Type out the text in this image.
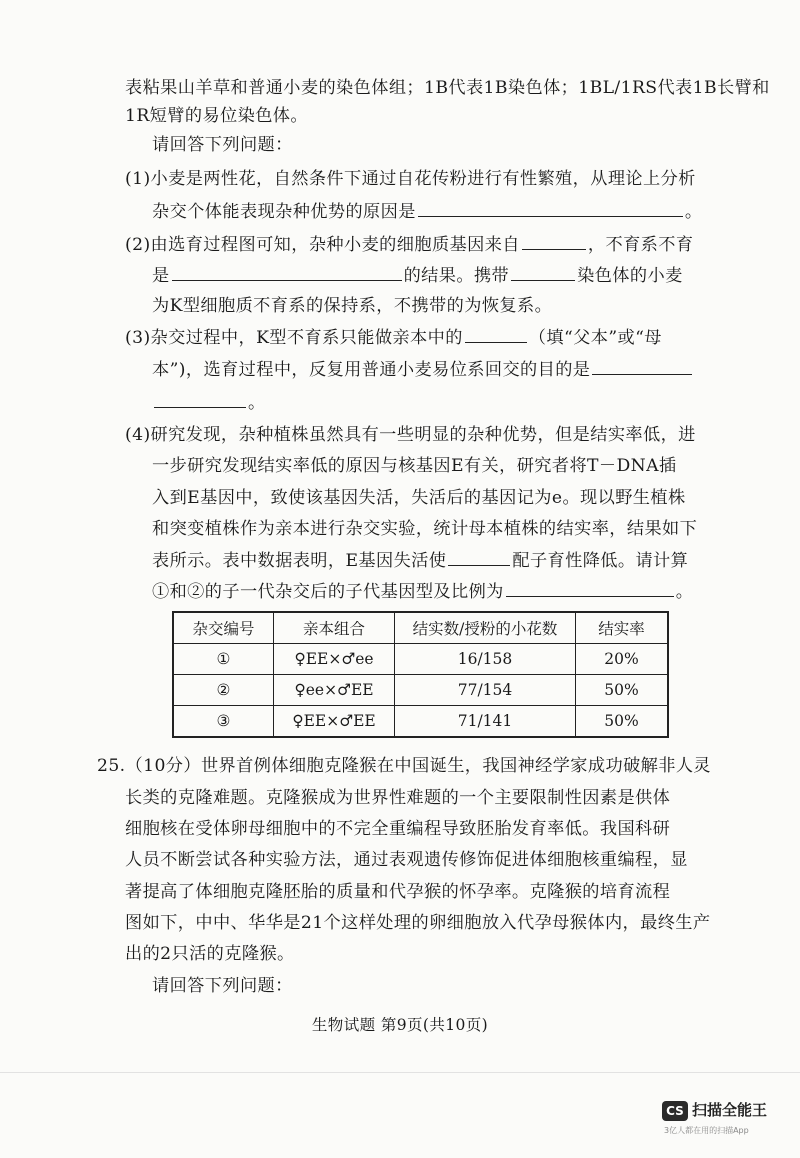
表粘果山羊草和普通小麦的染色体组；1B代表1B染色体；1BL/1RS代表1B长臂和
1R短臂的易位染色体。
请回答下列问题：
(1)小麦是两性花，自然条件下通过自花传粉进行有性繁殖，从理论上分析
杂交个体能表现杂种优势的原因是	。
(2)由选育过程图可知，杂种小麦的细胞质基因来自	，不育系不育
是	的结果。携带	染色体的小麦
为K型细胞质不育系的保持系，不携带的为恢复系。
(3)杂交过程中，K型不育系只能做亲本中的	（填“父本”或“母
本”)，选育过程中，反复用普通小麦易位系回交的目的是
。
(4)研究发现，杂种植株虽然具有一些明显的杂种优势，但是结实率低，进
一步研究发现结实率低的原因与核基因E有关，研究者将T－DNA插
入到E基因中，致使该基因失活，失活后的基因记为e。现以野生植株
和突变植株作为亲本进行杂交实验，统计母本植株的结实率，结果如下
表所示。表中数据表明，E基因失活使	配子育性降低。请计算
①和②的子一代杂交后的子代基因型及比例为	。
杂交编号	亲本组合	结实数/授粉的小花数	结实率
①	♀EE×♂ee	16/158	20%
②	♀ee×♂EE	77/154	50%
③	♀EE×♂EE	71/141	50%
25.（10分）世界首例体细胞克隆猴在中国诞生，我国神经学家成功破解非人灵
长类的克隆难题。克隆猴成为世界性难题的一个主要限制性因素是供体
细胞核在受体卵母细胞中的不完全重编程导致胚胎发育率低。我国科研
人员不断尝试各种实验方法，通过表观遗传修饰促进体细胞核重编程，显
著提高了体细胞克隆胚胎的质量和代孕猴的怀孕率。克隆猴的培育流程
图如下，中中、华华是21个这样处理的卵细胞放入代孕母猴体内，最终生产
出的2只活的克隆猴。
请回答下列问题：
生物试题 第9页(共10页)
CS 扫描全能王
3亿人都在用的扫描App
